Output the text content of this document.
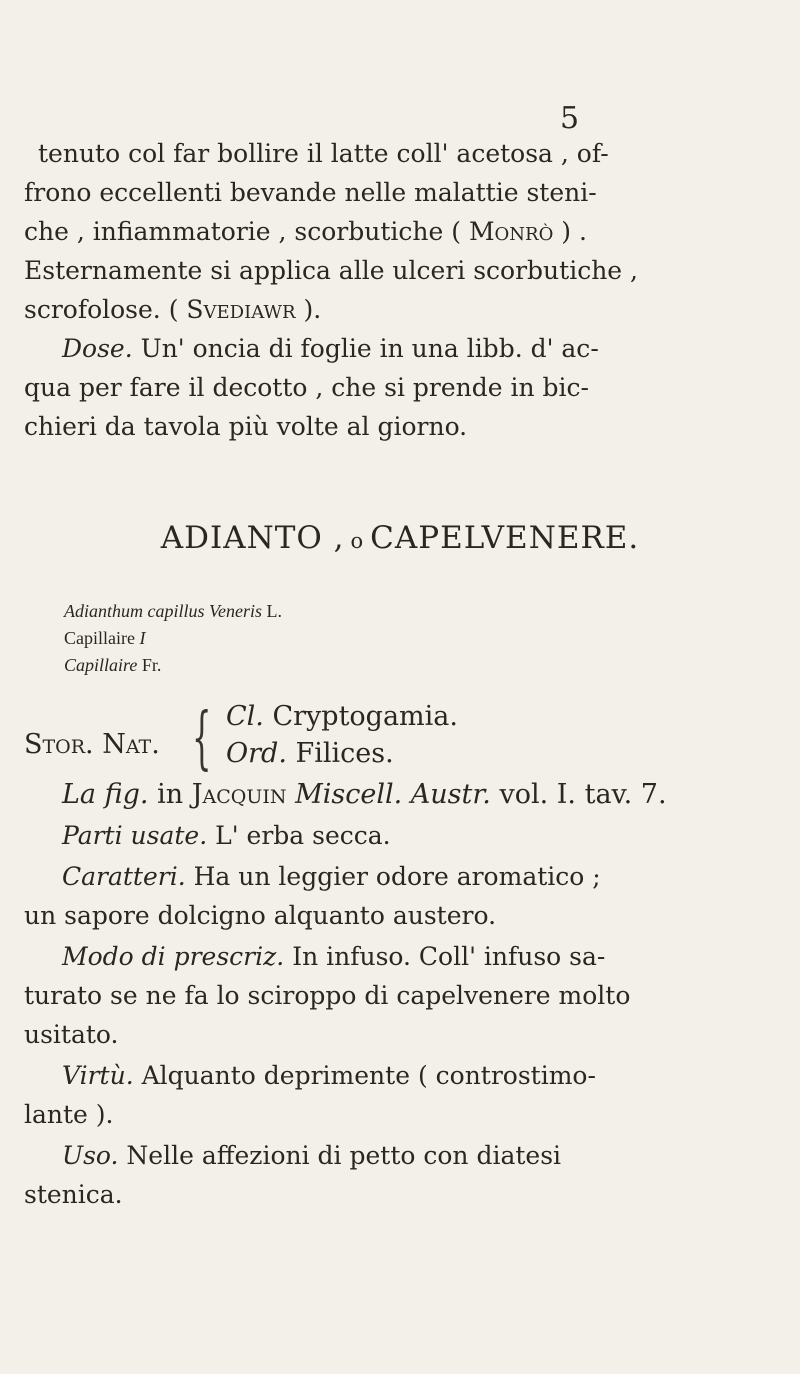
5
tenuto col far bollire il latte coll' acetosa , of-
frono eccellenti bevande nelle malattie steni-
che , infiammatorie , scorbutiche ( Monrò ) .
Esternamente si applica alle ulceri scorbutiche ,
scrofolose. ( Svediawr ).
Dose. Un' oncia di foglie in una libb. d' ac-
qua per fare il decotto , che si prende in bic-
chieri da tavola più volte al giorno.
ADIANTO , o CAPELVENERE.
Adianthum capillus Veneris L.
Capillaire I
Capillaire Fr.
Stor. Nat. { Cl. Cryptogamia.
Ord. Filices.
La fig. in Jacquin Miscell. Austr. vol. I. tav. 7.
Parti usate. L' erba secca.
Caratteri. Ha un leggier odore aromatico ;
un sapore dolcigno alquanto austero.
Modo di prescriz. In infuso. Coll' infuso sa-
turato se ne fa lo sciroppo di capelvenere molto
usitato.
Virtù. Alquanto deprimente ( controstimo-
lante ).
Uso. Nelle affezioni di petto con diatesi
stenica.
